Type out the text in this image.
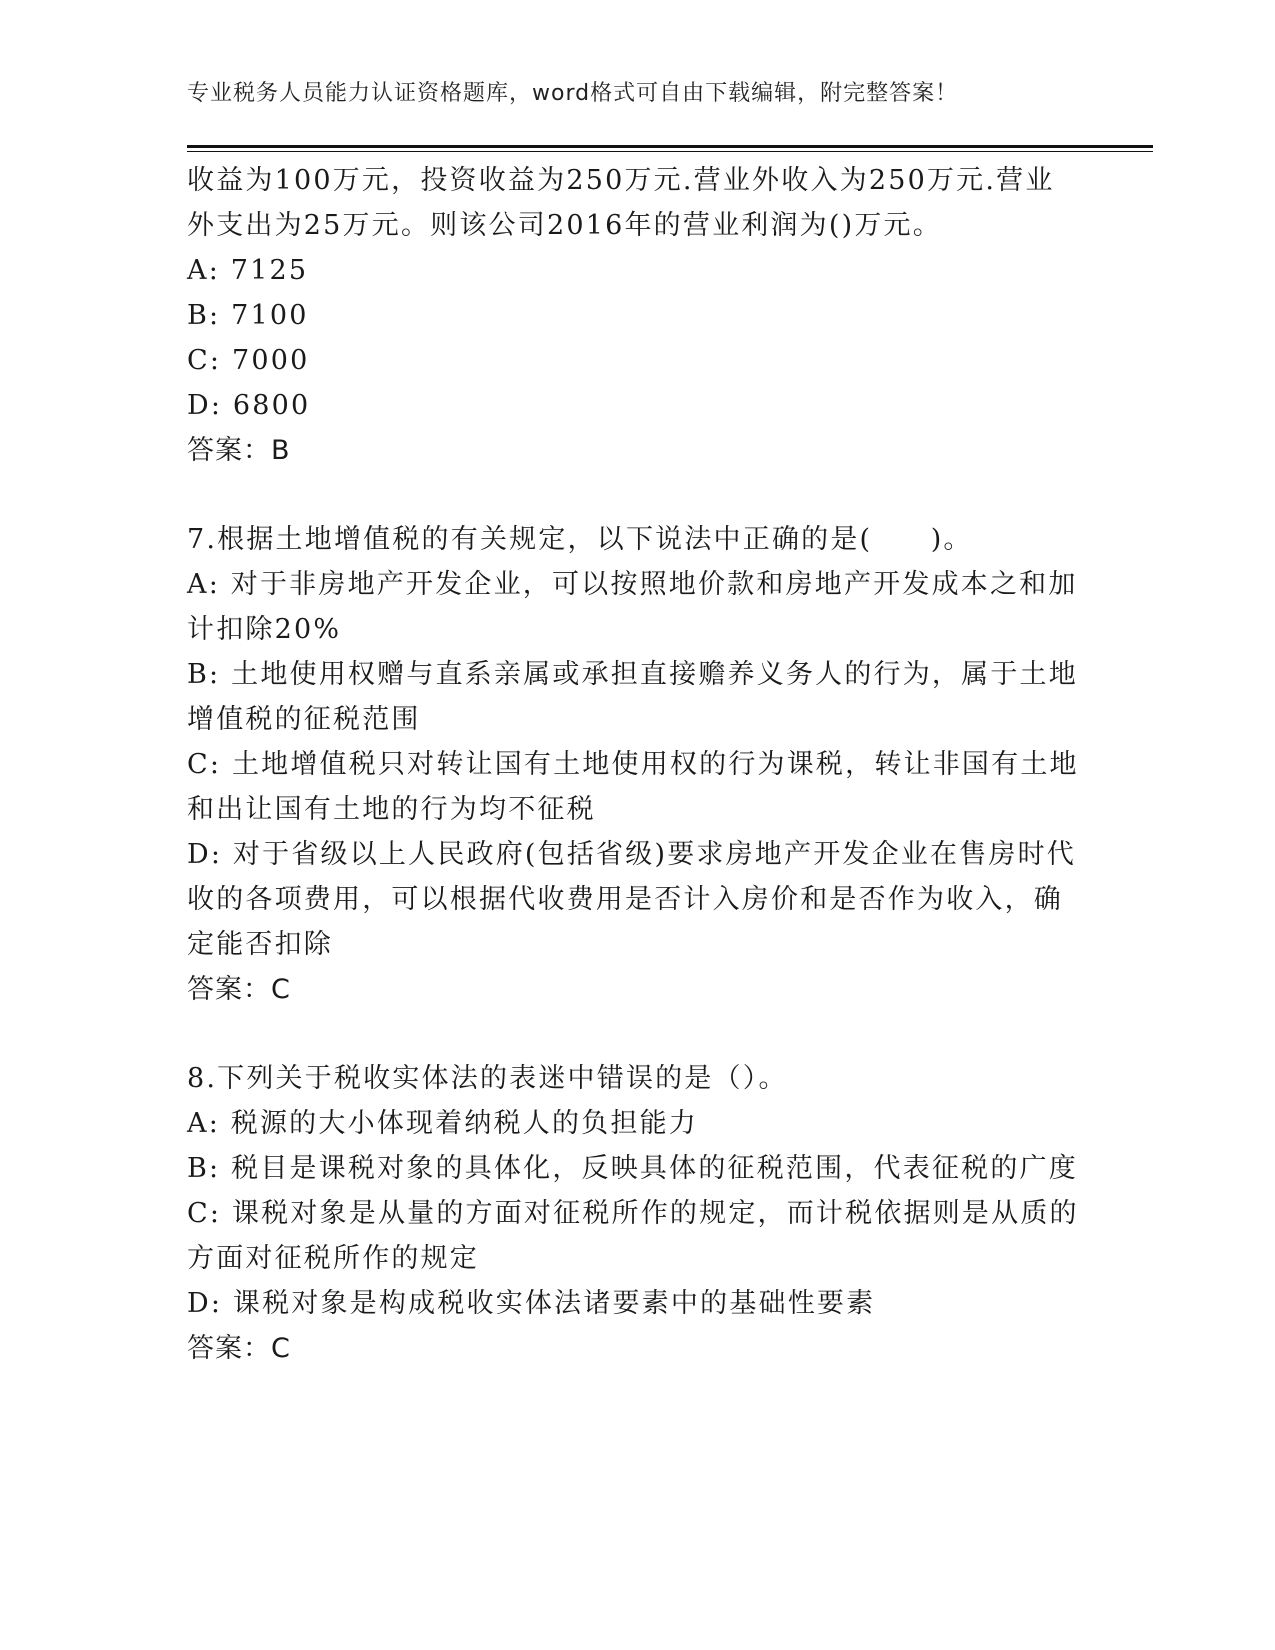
专业税务人员能力认证资格题库，word格式可自由下载编辑，附完整答案！
收益为100万元，投资收益为250万元.营业外收入为250万元.营业
外支出为25万元。则该公司2016年的营业利润为()万元。
A: 7125
B: 7100
C: 7000
D: 6800
答案：B
7.根据土地增值税的有关规定，以下说法中正确的是(　　)。
A: 对于非房地产开发企业，可以按照地价款和房地产开发成本之和加
计扣除20%
B: 土地使用权赠与直系亲属或承担直接赡养义务人的行为，属于土地
增值税的征税范围
C: 土地增值税只对转让国有土地使用权的行为课税，转让非国有土地
和出让国有土地的行为均不征税
D: 对于省级以上人民政府(包括省级)要求房地产开发企业在售房时代
收的各项费用，可以根据代收费用是否计入房价和是否作为收入，确
定能否扣除
答案：C
8.下列关于税收实体法的表迷中错误的是（）。
A: 税源的大小体现着纳税人的负担能力
B: 税目是课税对象的具体化，反映具体的征税范围，代表征税的广度
C: 课税对象是从量的方面对征税所作的规定，而计税依据则是从质的
方面对征税所作的规定
D: 课税对象是构成税收实体法诸要素中的基础性要素
答案：C
